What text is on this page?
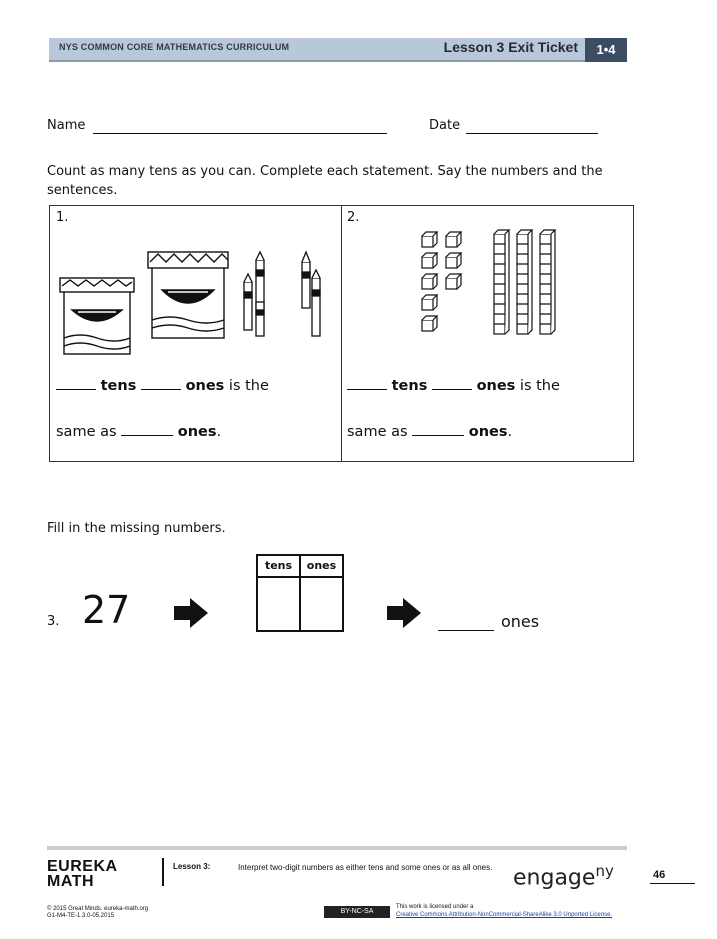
NYS COMMON CORE MATHEMATICS CURRICULUM	Lesson 3 Exit Ticket	1•4
Name	Date
Count as many tens as you can. Complete each statement. Say the numbers and the sentences.
1.
tens	ones is the
same as	ones.
2.
tens	ones is the
same as	ones.
Fill in the missing numbers.
3. 27
tens	ones
ones
EUREKA
MATH
Lesson 3:	Interpret two-digit numbers as either tens and some ones or as all ones. engage$^{ny}$	46
© 2015 Great Minds. eureka-math.org
G1-M4-TE-1.3.0-05.2015
BY-NC-SA
This work is licensed under a
Creative Commons Attribution-NonCommercial-ShareAlike 3.0 Unported License.
